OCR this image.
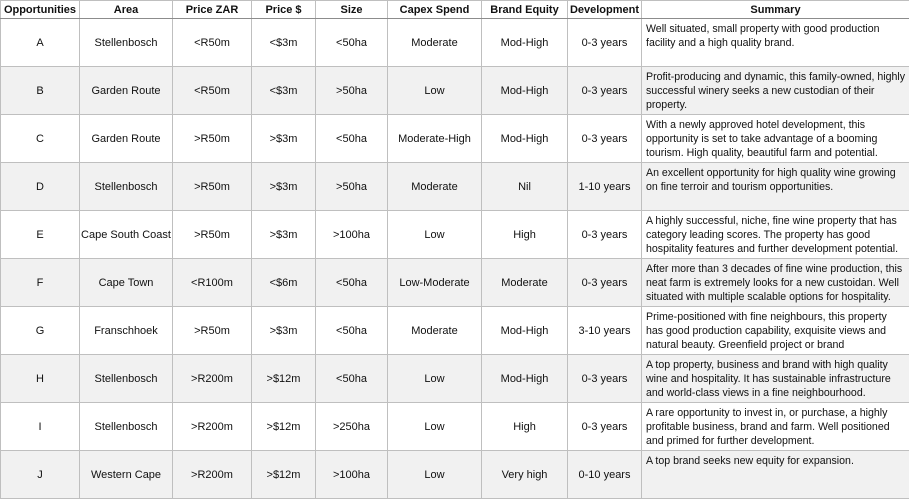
Opportunities	Area	Price ZAR	Price $	Size	Capex Spend	Brand Equity	Development	Summary
A	Stellenbosch	<R50m	<$3m	<50ha	Moderate	Mod-High	0-3 years	Well situated, small property with good production facility and a high quality brand.
B	Garden Route	<R50m	<$3m	>50ha	Low	Mod-High	0-3 years	Profit-producing and dynamic, this family-owned, highly successful winery seeks a new custodian of their property.
C	Garden Route	>R50m	>$3m	<50ha	Moderate-High	Mod-High	0-3 years	With a newly approved hotel development, this opportunity is set to take advantage of a booming tourism. High quality, beautiful farm and potential.
D	Stellenbosch	>R50m	>$3m	>50ha	Moderate	Nil	1-10 years	An excellent opportunity for high quality wine growing on fine terroir and tourism opportunities.
E	Cape South Coast	>R50m	>$3m	>100ha	Low	High	0-3 years	A highly successful, niche, fine wine property that has category leading scores. The property has good hospitality features and further development potential.
F	Cape Town	<R100m	<$6m	<50ha	Low-Moderate	Moderate	0-3 years	After more than 3 decades of fine wine production, this neat farm is extremely looks for a new custoidan. Well situated with multiple scalable options for hospitality.
G	Franschhoek	>R50m	>$3m	<50ha	Moderate	Mod-High	3-10 years	Prime-positioned with fine neighbours, this property has good production capability, exquisite views and natural beauty. Greenfield project or brand
H	Stellenbosch	>R200m	>$12m	<50ha	Low	Mod-High	0-3 years	A top property, business and brand with high quality wine and hospitality. It has sustainable infrastructure and world-class views in a fine neighbourhood.
I	Stellenbosch	>R200m	>$12m	>250ha	Low	High	0-3 years	A rare opportunity to invest in, or purchase, a highly profitable business, brand and farm. Well positioned and primed for further development.
J	Western Cape	>R200m	>$12m	>100ha	Low	Very high	0-10 years	A top brand seeks new equity for expansion.
